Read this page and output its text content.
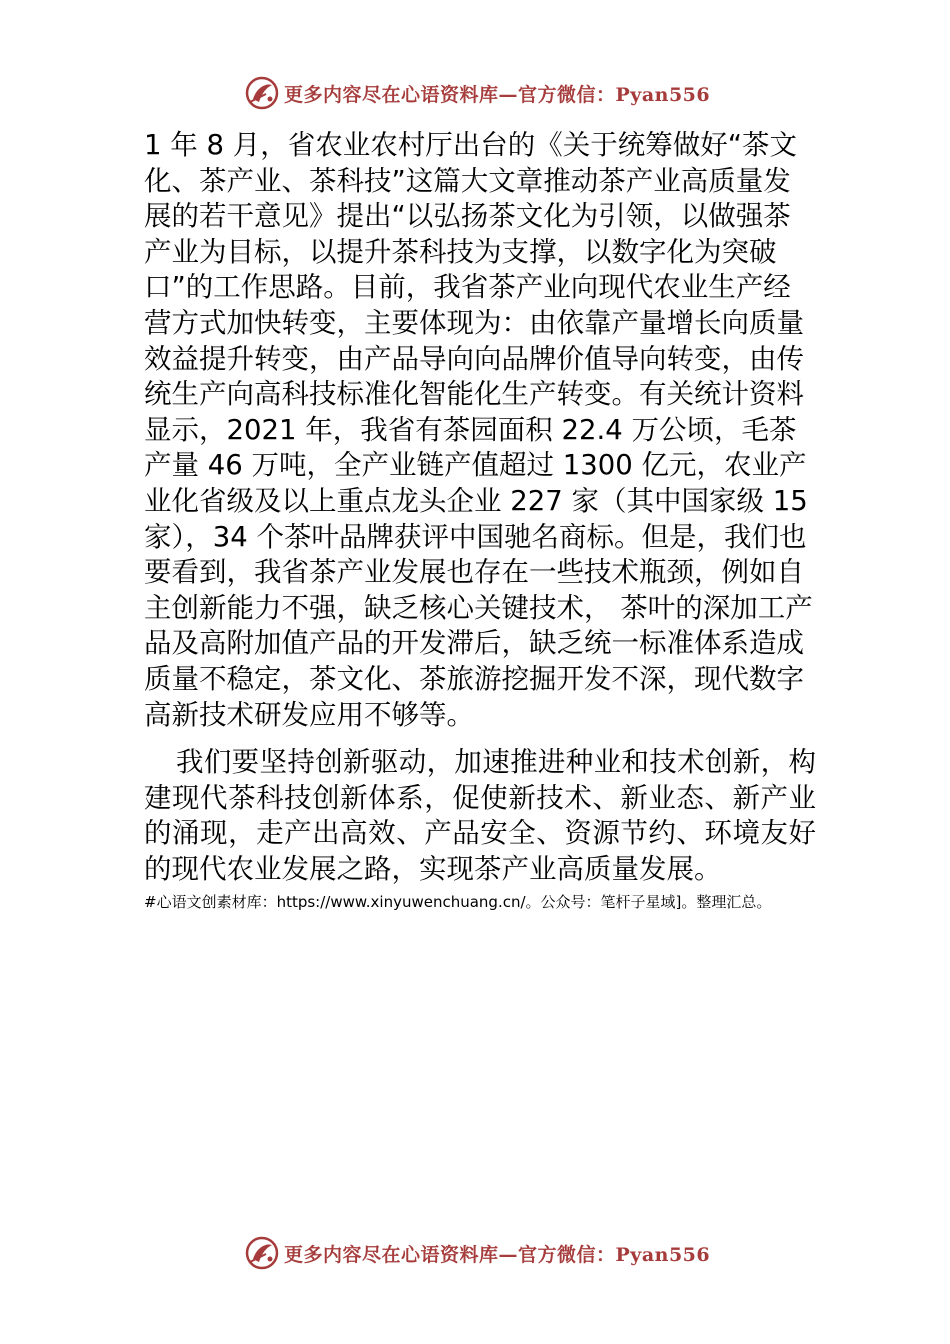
更多内容尽在心语资料库—官方微信：Pyan556

1 年 8 月，省农业农村厅出台的《关于统筹做好“茶文化、茶产业、茶科技”这篇大文章推动茶产业高质量发展的若干意见》提出“以弘扬茶文化为引领，以做强茶产业为目标，以提升茶科技为支撑，以数字化为突破口”的工作思路。目前，我省茶产业向现代农业生产经营方式加快转变，主要体现为：由依靠产量增长向质量效益提升转变，由产品导向向品牌价值导向转变，由传统生产向高科技标准化智能化生产转变。有关统计资料显示，2021 年，我省有茶园面积 22.4 万公顷，毛茶产量 46 万吨，全产业链产值超过 1300 亿元，农业产业化省级及以上重点龙头企业 227 家（其中国家级 15 家），34 个茶叶品牌获评中国驰名商标。但是，我们也要看到，我省茶产业发展也存在一些技术瓶颈，例如自主创新能力不强，缺乏核心关键技术， 茶叶的深加工产品及高附加值产品的开发滞后，缺乏统一标准体系造成质量不稳定，茶文化、茶旅游挖掘开发不深，现代数字高新技术研发应用不够等。

我们要坚持创新驱动，加速推进种业和技术创新，构建现代茶科技创新体系，促使新技术、新业态、新产业的涌现，走产出高效、产品安全、资源节约、环境友好的现代农业发展之路，实现茶产业高质量发展。

#心语文创素材库：https://www.xinyuwenchuang.cn/。公众号：笔杆子星域]。整理汇总。
更多内容尽在心语资料库—官方微信：Pyan556
